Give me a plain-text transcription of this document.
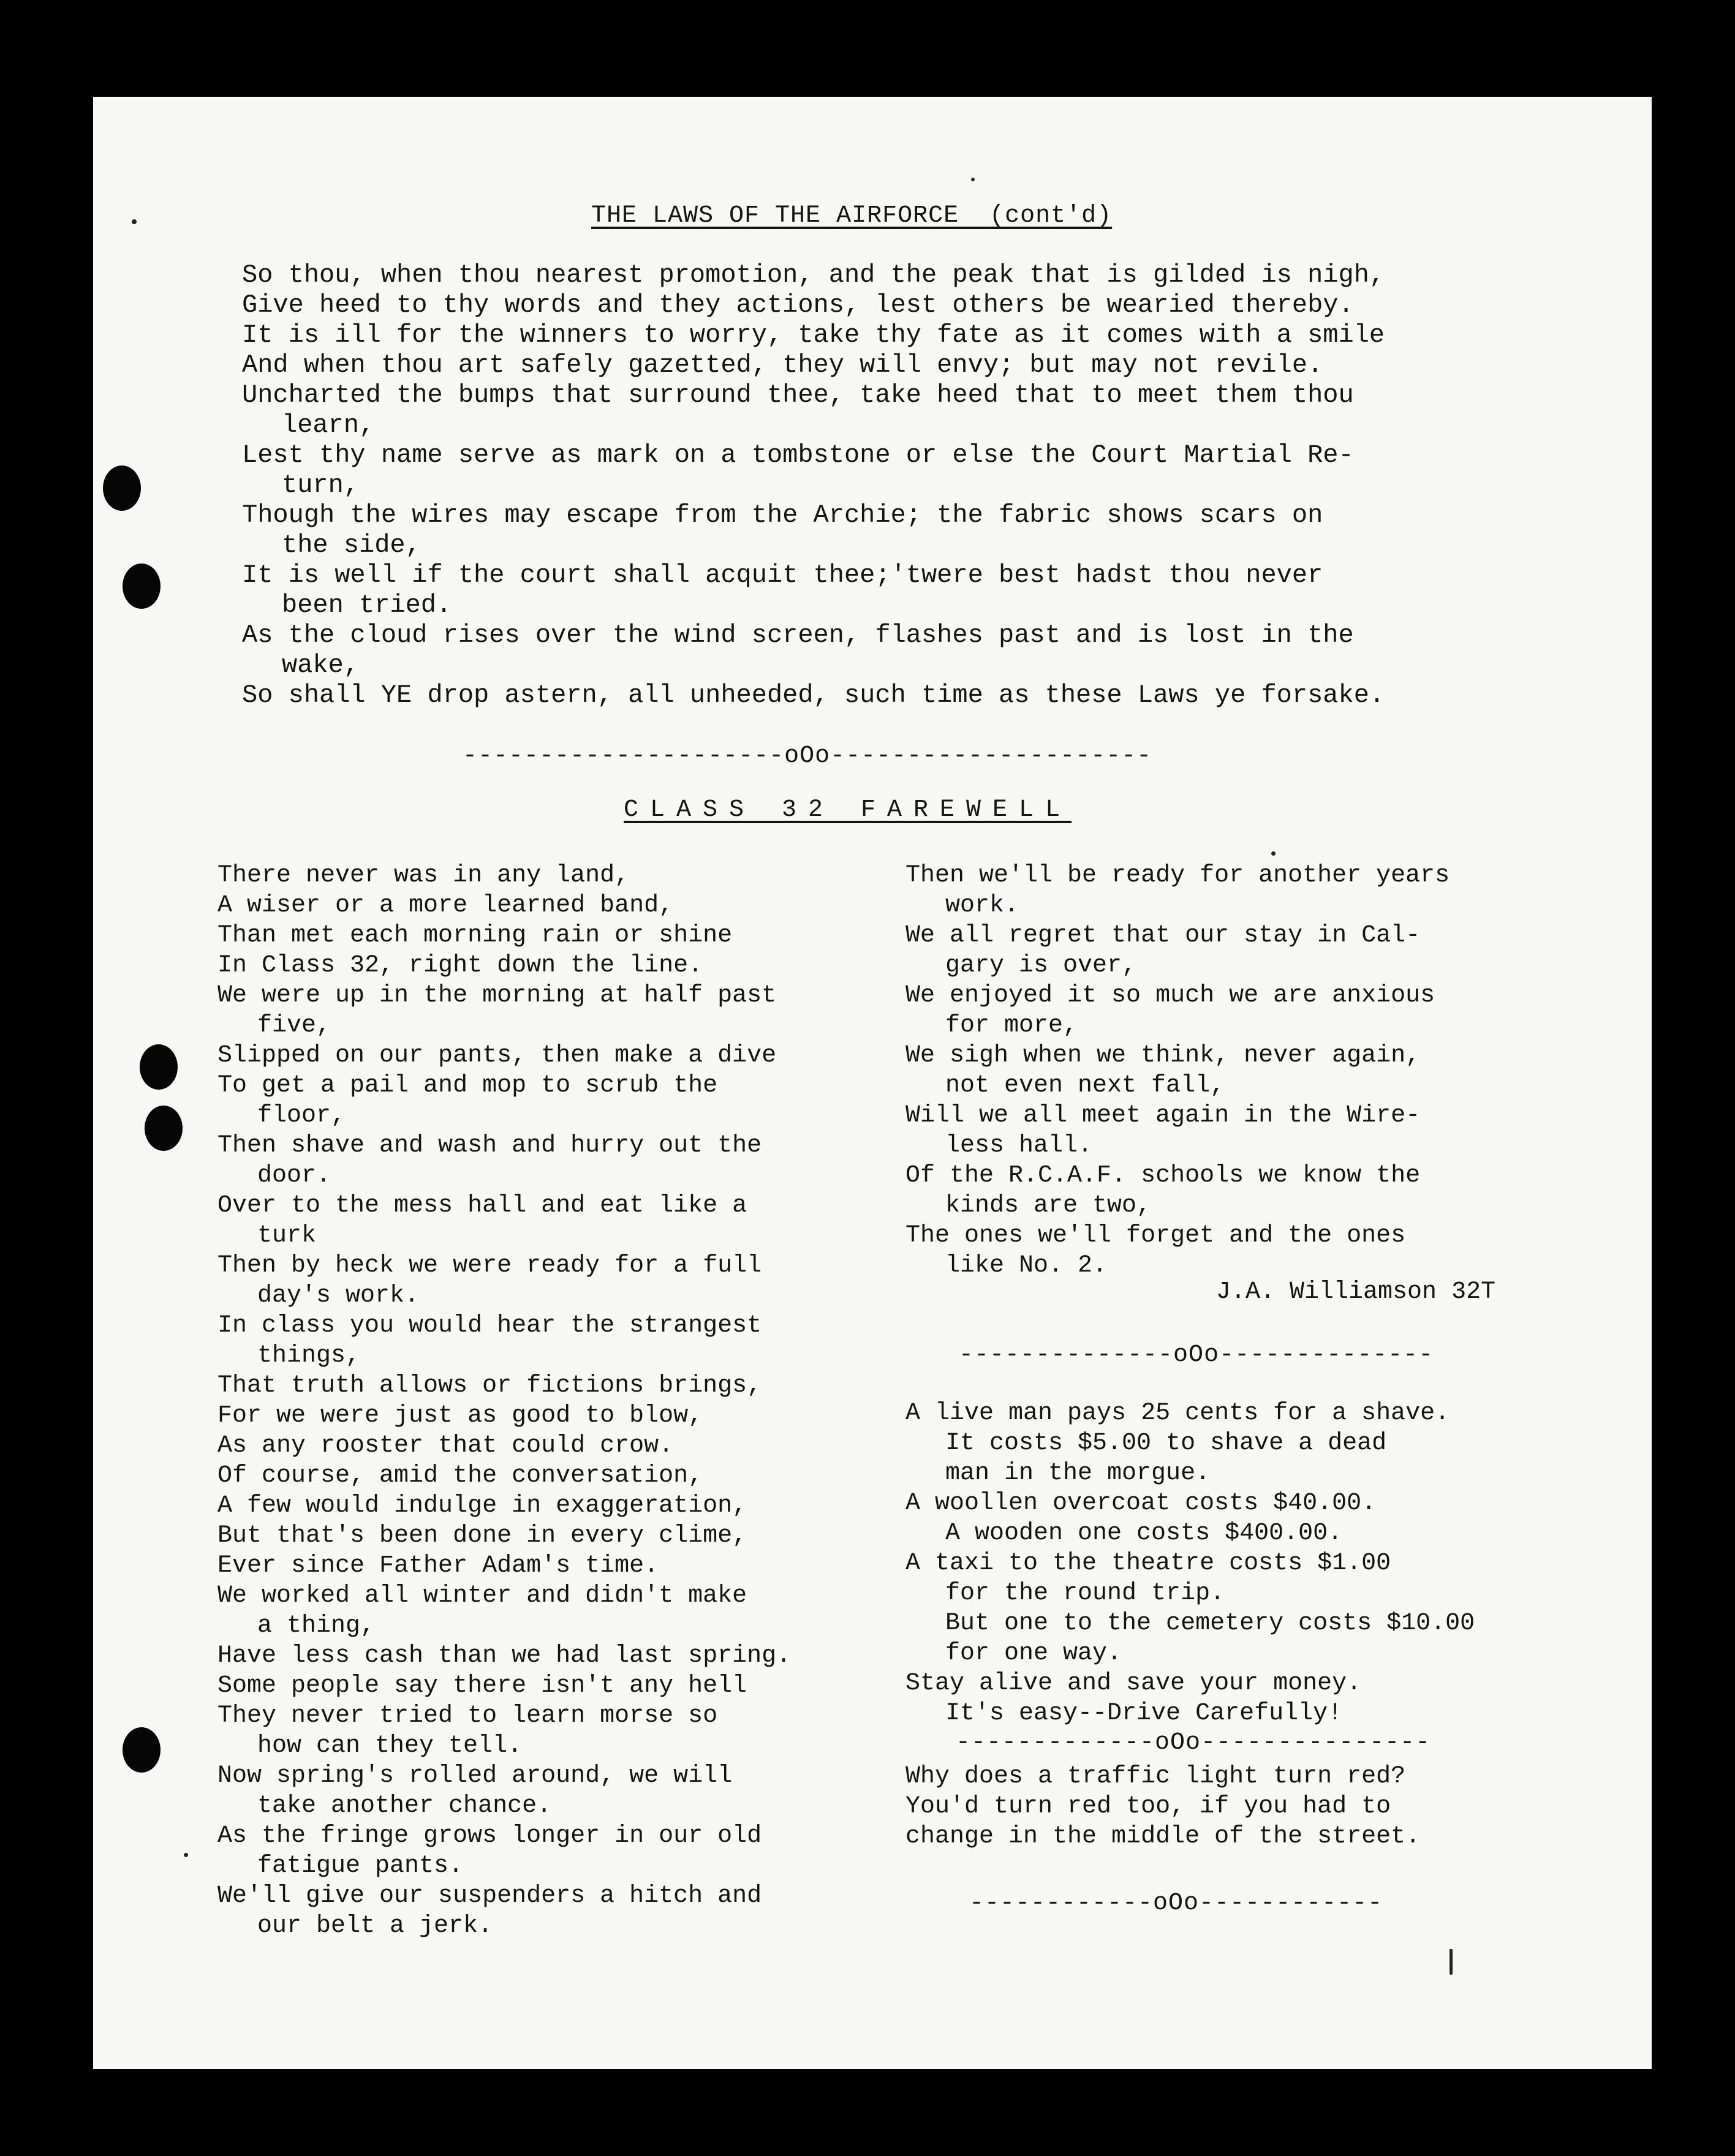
THE LAWS OF THE AIRFORCE  (cont'd)
So thou, when thou nearest promotion, and the peak that is gilded is nigh,
Give heed to thy words and they actions, lest others be wearied thereby.
It is ill for the winners to worry, take thy fate as it comes with a smile
And when thou art safely gazetted, they will envy; but may not revile.
Uncharted the bumps that surround thee, take heed that to meet them thou
learn,
Lest thy name serve as mark on a tombstone or else the Court Martial Re-
turn,
Though the wires may escape from the Archie; the fabric shows scars on
the side,
It is well if the court shall acquit thee;'twere best hadst thou never
been tried.
As the cloud rises over the wind screen, flashes past and is lost in the
wake,
So shall YE drop astern, all unheeded, such time as these Laws ye forsake.
---------------------oOo---------------------
CLASS 32 FAREWELL
There never was in any land,
A wiser or a more learned band,
Than met each morning rain or shine
In Class 32, right down the line.
We were up in the morning at half past
five,
Slipped on our pants, then make a dive
To get a pail and mop to scrub the
floor,
Then shave and wash and hurry out the
door.
Over to the mess hall and eat like a
turk
Then by heck we were ready for a full
day's work.
In class you would hear the strangest
things,
That truth allows or fictions brings,
For we were just as good to blow,
As any rooster that could crow.
Of course, amid the conversation,
A few would indulge in exaggeration,
But that's been done in every clime,
Ever since Father Adam's time.
We worked all winter and didn't make
a thing,
Have less cash than we had last spring.
Some people say there isn't any hell
They never tried to learn morse so
how can they tell.
Now spring's rolled around, we will
take another chance.
As the fringe grows longer in our old
fatigue pants.
We'll give our suspenders a hitch and
our belt a jerk.
Then we'll be ready for another years
work.
We all regret that our stay in Cal-
gary is over,
We enjoyed it so much we are anxious
for more,
We sigh when we think, never again,
not even next fall,
Will we all meet again in the Wire-
less hall.
Of the R.C.A.F. schools we know the
kinds are two,
The ones we'll forget and the ones
like No. 2.
J.A. Williamson 32T
--------------oOo--------------
A live man pays 25 cents for a shave.
It costs $5.00 to shave a dead
man in the morgue.
A woollen overcoat costs $40.00.
A wooden one costs $400.00.
A taxi to the theatre costs $1.00
for the round trip.
But one to the cemetery costs $10.00
for one way.
Stay alive and save your money.
It's easy--Drive Carefully!
-------------oOo---------------
Why does a traffic light turn red?
You'd turn red too, if you had to
change in the middle of the street.
------------oOo------------
